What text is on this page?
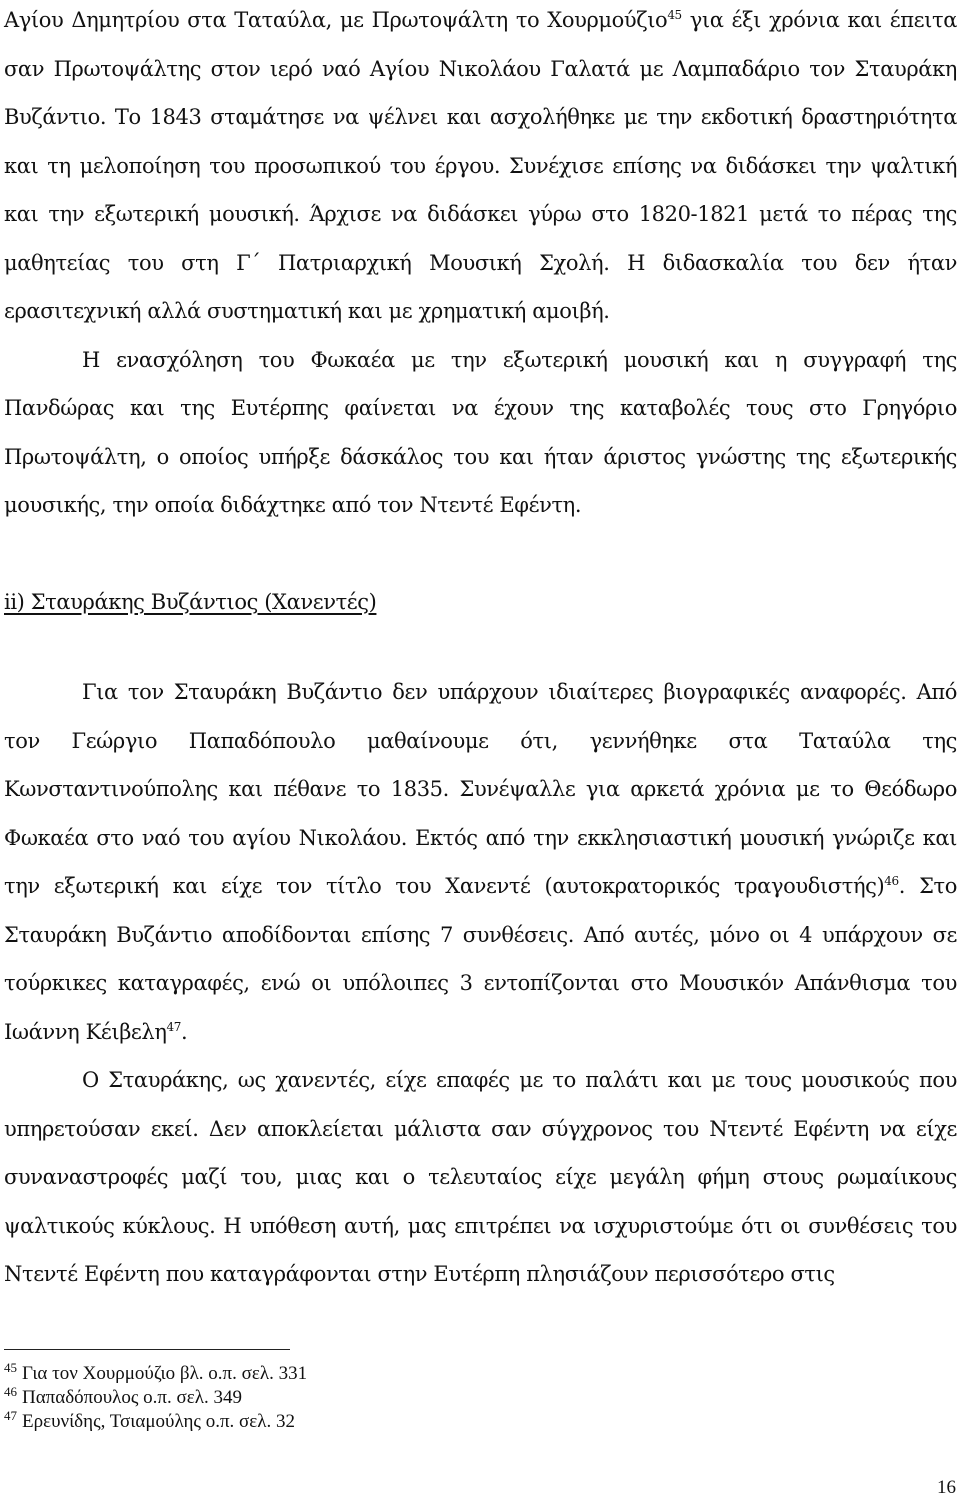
Αγίου Δημητρίου στα Ταταύλα, με Πρωτοψάλτη το Χουρμούζιο$^{45}$ για έξι χρόνια και έπειτα σαν Πρωτοψάλτης στον ιερό ναό Αγίου Νικολάου Γαλατά με Λαμπαδάριο τον Σταυράκη Βυζάντιο. Το 1843 σταμάτησε να ψέλνει και ασχολήθηκε με την εκδοτική δραστηριότητα και τη μελοποίηση του προσωπικού του έργου. Συνέχισε επίσης να διδάσκει την ψαλτική και την εξωτερική μουσική. Άρχισε να διδάσκει γύρω στο 1820-1821 μετά το πέρας της μαθητείας του στη Γ΄ Πατριαρχική Μουσική Σχολή. Η διδασκαλία του δεν ήταν ερασιτεχνική αλλά συστηματική και με χρηματική αμοιβή.

Η ενασχόληση του Φωκαέα με την εξωτερική μουσική και η συγγραφή της Πανδώρας και της Ευτέρπης φαίνεται να έχουν της καταβολές τους στο Γρηγόριο Πρωτοψάλτη, ο οποίος υπήρξε δάσκάλος του και ήταν άριστος γνώστης της εξωτερικής μουσικής, την οποία διδάχτηκε από τον Ντεντέ Εφέντη.

ii) Σταυράκης Βυζάντιος (Χανεντές)

Για τον Σταυράκη Βυζάντιο δεν υπάρχουν ιδιαίτερες βιογραφικές αναφορές. Από τον Γεώργιο Παπαδόπουλο μαθαίνουμε ότι, γεννήθηκε στα Ταταύλα της Κωνσταντινούπολης και πέθανε το 1835. Συνέψαλλε για αρκετά χρόνια με το Θεόδωρο Φωκαέα στο ναό του αγίου Νικολάου. Εκτός από την εκκλησιαστική μουσική γνώριζε και την εξωτερική και είχε τον τίτλο του Χανεντέ (αυτοκρατορικός τραγουδιστής)$^{46}$. Στο Σταυράκη Βυζάντιο αποδίδονται επίσης 7 συνθέσεις. Από αυτές, μόνο οι 4 υπάρχουν σε τούρκικες καταγραφές, ενώ οι υπόλοιπες 3 εντοπίζονται στο Μουσικόν Απάνθισμα του Ιωάννη Κέιβελη$^{47}$.

Ο Σταυράκης, ως χανεντές, είχε επαφές με το παλάτι και με τους μουσικούς που υπηρετούσαν εκεί. Δεν αποκλείεται μάλιστα σαν σύγχρονος του Ντεντέ Εφέντη να είχε συναναστροφές μαζί του, μιας και ο τελευταίος είχε μεγάλη φήμη στους ρωμαίικους ψαλτικούς κύκλους. Η υπόθεση αυτή, μας επιτρέπει να ισχυριστούμε ότι οι συνθέσεις του Ντεντέ Εφέντη που καταγράφονται στην Ευτέρπη πλησιάζουν περισσότερο στις

$^{45}$ Για τον Χουρμούζιο βλ. ο.π. σελ. 331
$^{46}$ Παπαδόπουλος ο.π. σελ. 349
$^{47}$ Ερευνίδης, Τσιαμούλης ο.π. σελ. 32
16
